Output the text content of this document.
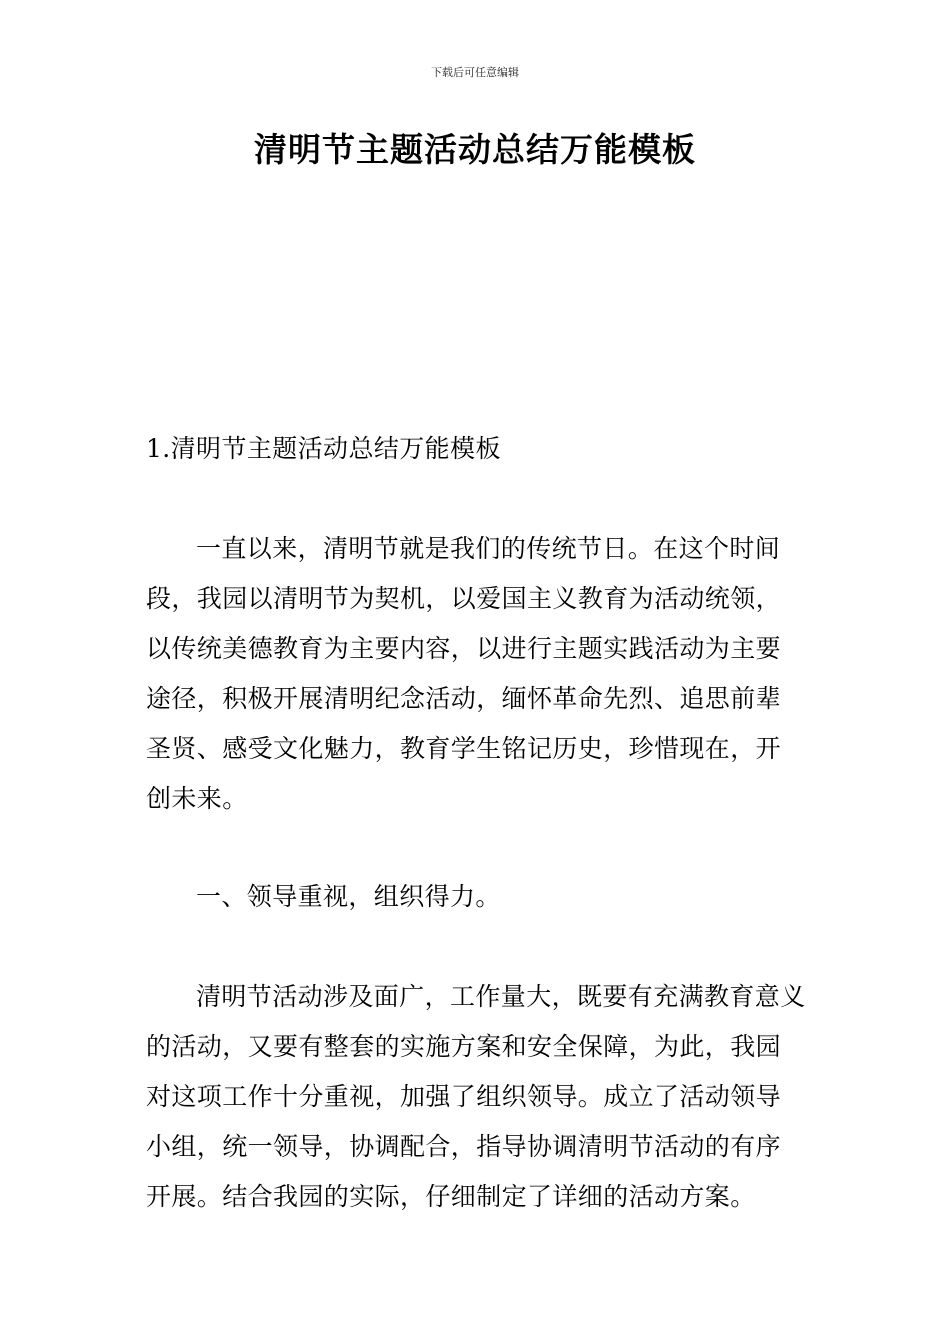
下载后可任意编辑
清明节主题活动总结万能模板
1.清明节主题活动总结万能模板
一直以来，清明节就是我们的传统节日。在这个时间段，我园以清明节为契机，以爱国主义教育为活动统领，以传统美德教育为主要内容，以进行主题实践活动为主要途径，积极开展清明纪念活动，缅怀革命先烈、追思前辈圣贤、感受文化魅力，教育学生铭记历史，珍惜现在，开创未来。
一、领导重视，组织得力。
清明节活动涉及面广，工作量大，既要有充满教育意义的活动，又要有整套的实施方案和安全保障，为此，我园对这项工作十分重视，加强了组织领导。成立了活动领导小组，统一领导，协调配合，指导协调清明节活动的有序开展。结合我园的实际，仔细制定了详细的活动方案。
